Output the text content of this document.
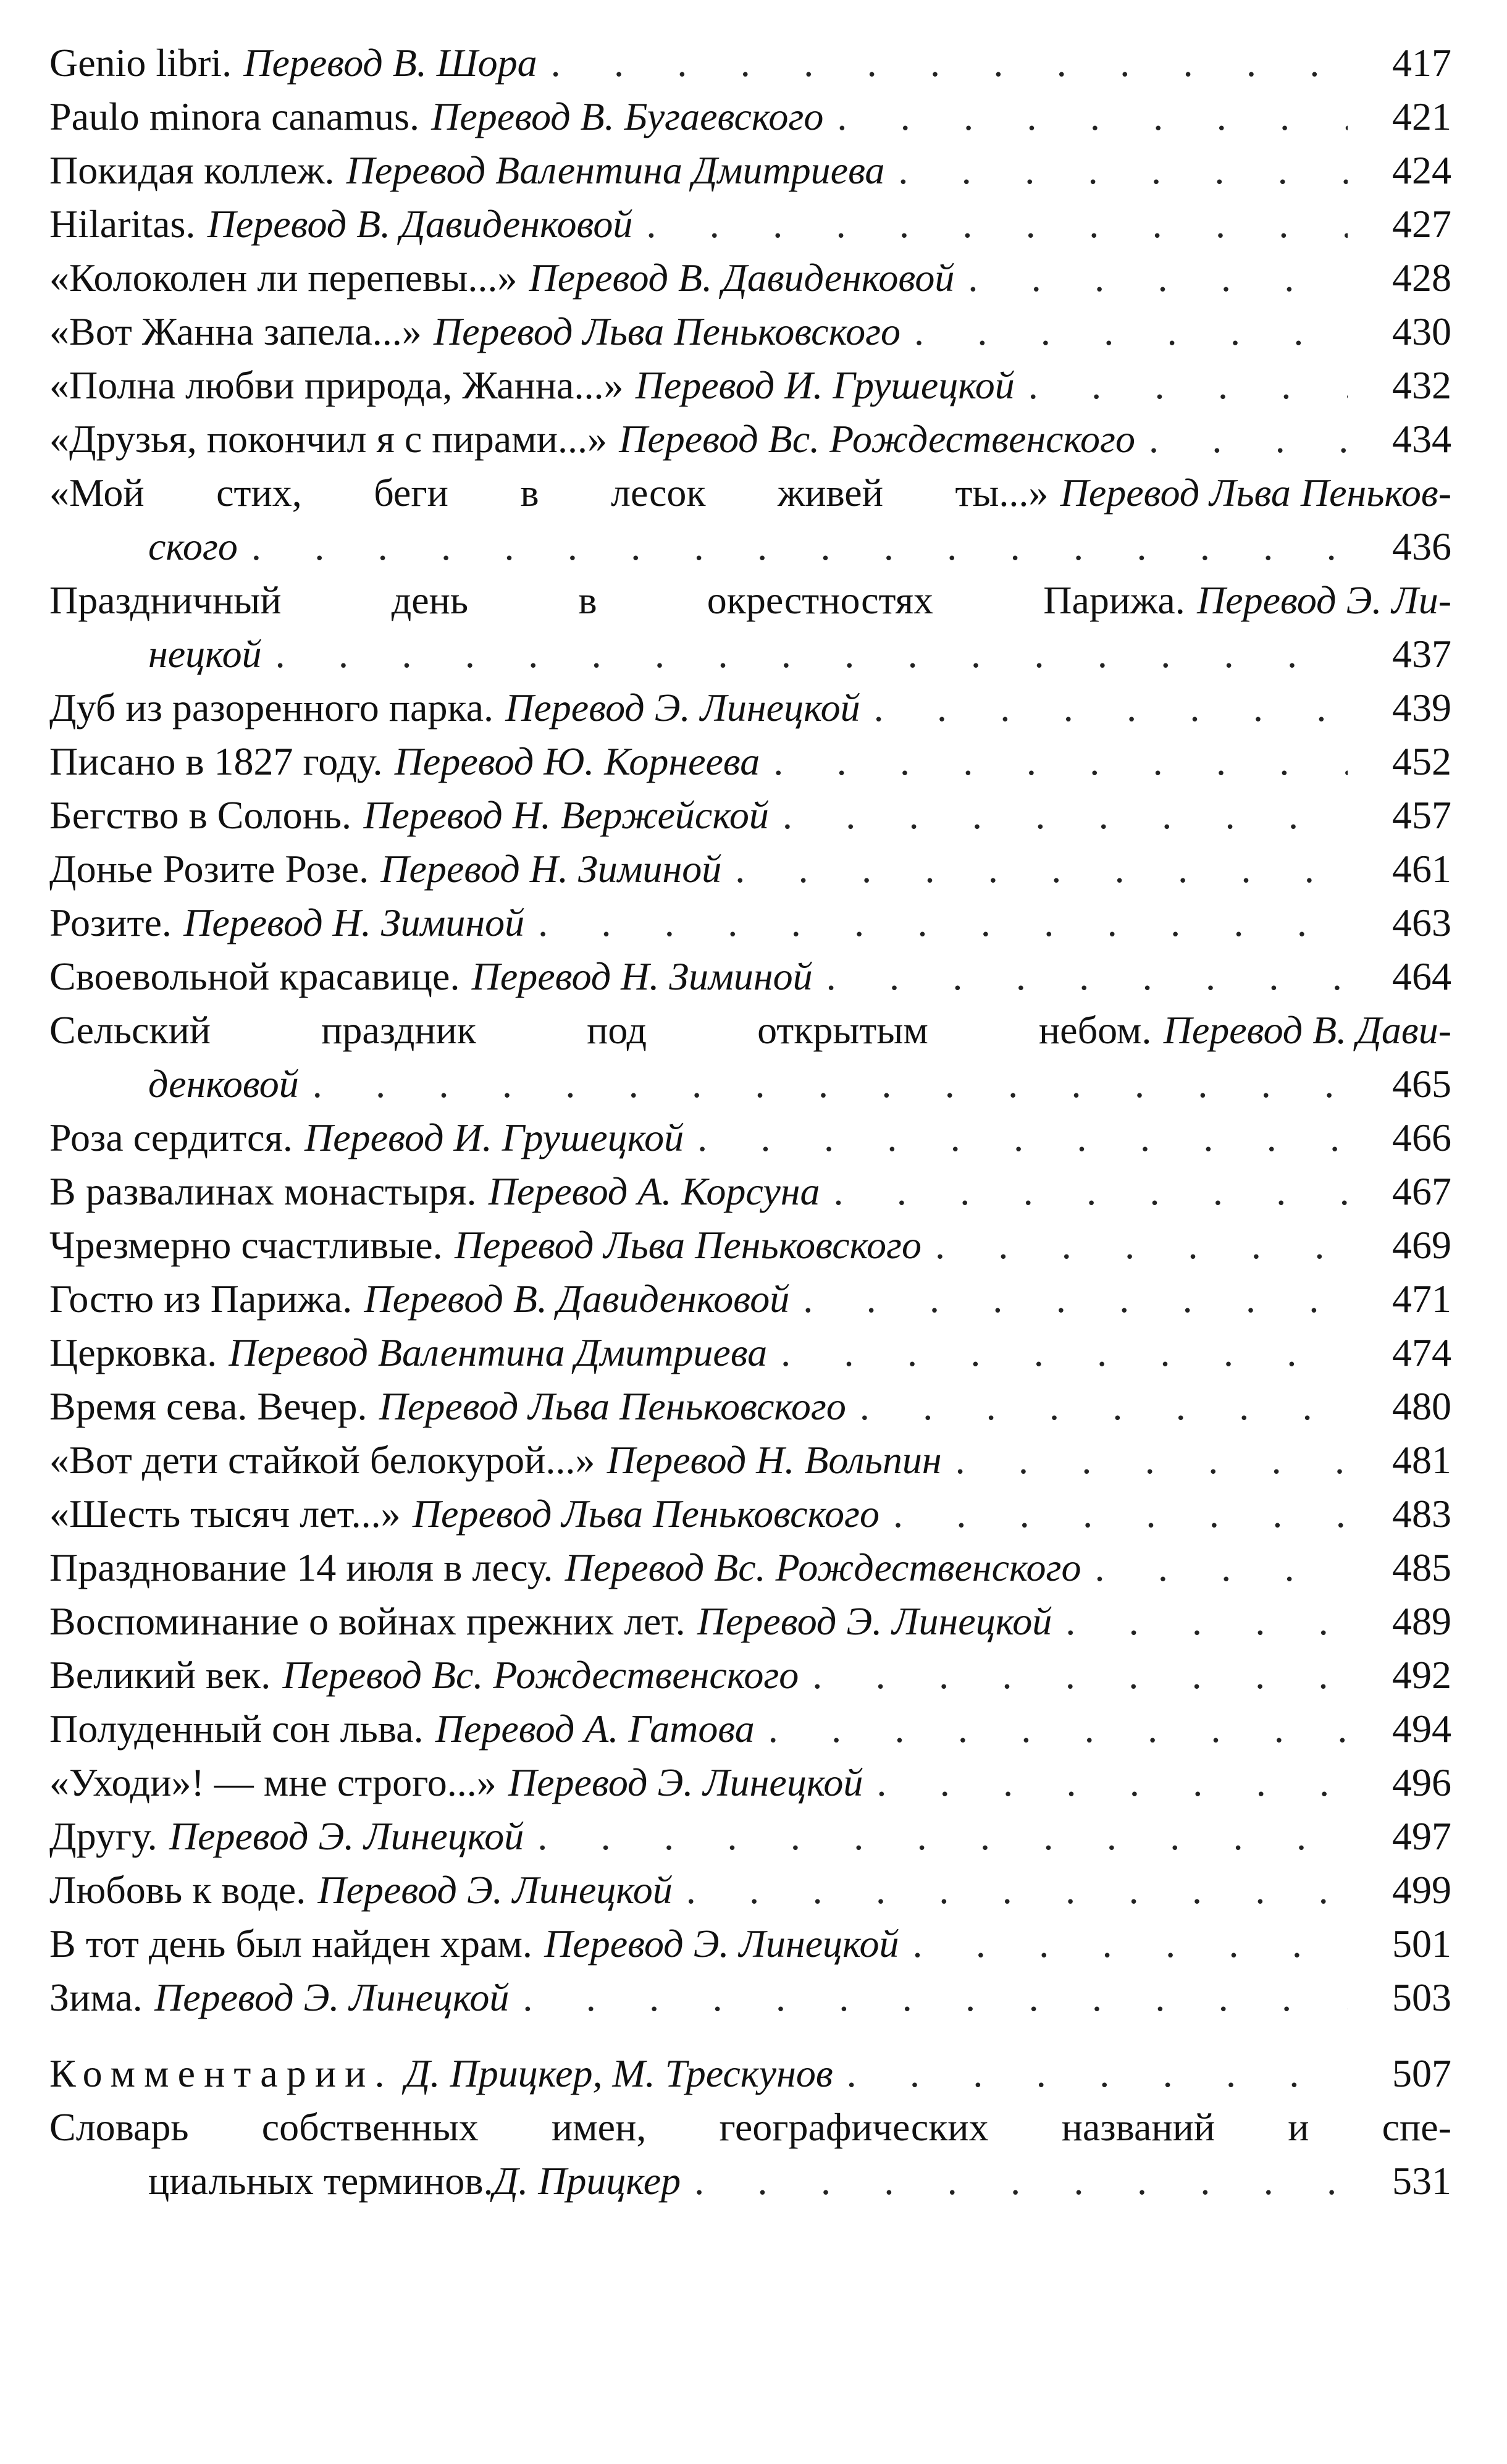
Genio libri. Перевод В. Шора . . .	417
Paulo minora canamus. Перевод В. Бугаевского . . .	421
Покидая коллеж. Перевод Валентина Дмитриева . . .	424
Hilaritas. Перевод В. Давиденковой . . .	427
«Колоколен ли перепевы...» Перевод В. Давиденковой . . .	428
«Вот Жанна запела...» Перевод Льва Пеньковского . . .	430
«Полна любви природа, Жанна...» Перевод И. Грушецкой . . .	432
«Друзья, покончил я с пирами...» Перевод Вс. Рождественского . . .	434
«Мой стих, беги в лесок живей ты...» Перевод Льва Пеньков-
ского . . .	436
Праздничный день в окрестностях Парижа. Перевод Э. Ли-
нецкой . . .	437
Дуб из разоренного парка. Перевод Э. Линецкой . . .	439
Писано в 1827 году. Перевод Ю. Корнеева . . .	452
Бегство в Солонь. Перевод Н. Вержейской . . .	457
Донье Розите Розе. Перевод Н. Зиминой . . .	461
Розите. Перевод Н. Зиминой . . .	463
Своевольной красавице. Перевод Н. Зиминой . . .	464
Сельский праздник под открытым небом. Перевод В. Дави-
денковой . . .	465
Роза сердится. Перевод И. Грушецкой . . .	466
В развалинах монастыря. Перевод А. Корсуна . . .	467
Чрезмерно счастливые. Перевод Льва Пеньковского . . .	469
Гостю из Парижа. Перевод В. Давиденковой . . .	471
Церковка. Перевод Валентина Дмитриева . . .	474
Время сева. Вечер. Перевод Льва Пеньковского . . .	480
«Вот дети стайкой белокурой...» Перевод Н. Вольпин . . .	481
«Шесть тысяч лет...» Перевод Льва Пеньковского . . .	483
Празднование 14 июля в лесу. Перевод Вс. Рождественского . . .	485
Воспоминание о войнах прежних лет. Перевод Э. Линецкой . . .	489
Великий век. Перевод Вс. Рождественского . . .	492
Полуденный сон льва. Перевод А. Гатова . . .	494
«Уходи»! — мне строго...» Перевод Э. Линецкой . . .	496
Другу. Перевод Э. Линецкой . . .	497
Любовь к воде. Перевод Э. Линецкой . . .	499
В тот день был найден храм. Перевод Э. Линецкой . . .	501
Зима. Перевод Э. Линецкой . . .	503
Комментарии. Д. Прицкер, М. Трескунов . . .	507
Словарь собственных имен, географических названий и спе-
циальных терминов. Д. Прицкер . . .	531
